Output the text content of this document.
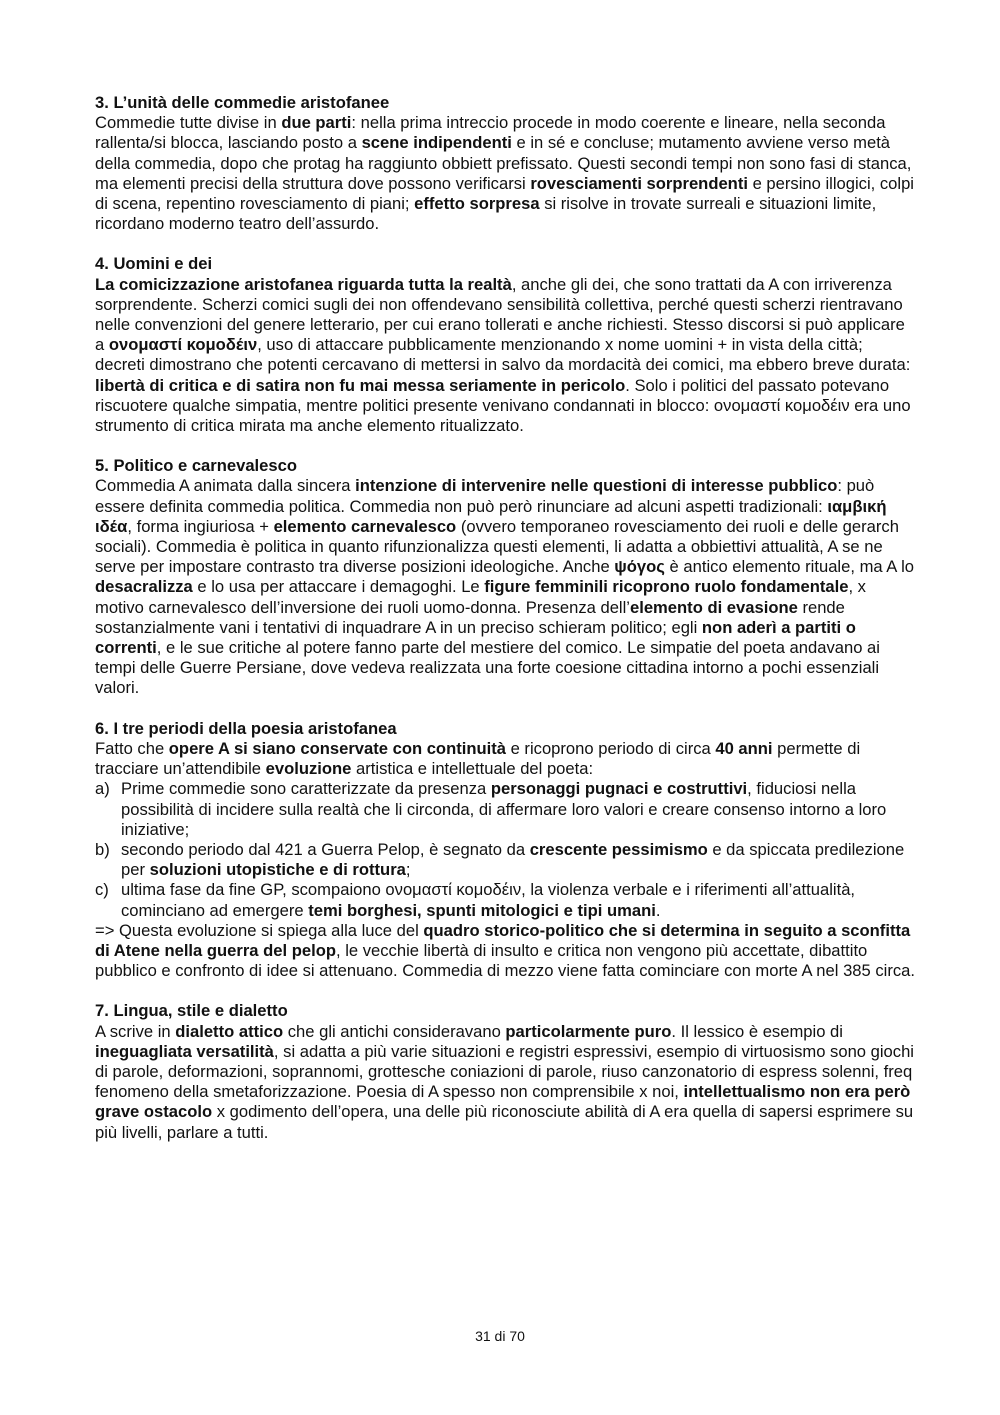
3. L’unità delle commedie aristofanee

Commedie tutte divise in due parti: nella prima intreccio procede in modo coerente e lineare, nella seconda rallenta/si blocca, lasciando posto a scene indipendenti e in sé e concluse; mutamento avviene verso metà della commedia, dopo che protag ha raggiunto obbiett prefissato. Questi secondi tempi non sono fasi di stanca, ma elementi precisi della struttura dove possono verificarsi rovesciamenti sorprendenti e persino illogici, colpi di scena, repentino rovesciamento di piani; effetto sorpresa si risolve in trovate surreali e situazioni limite, ricordano moderno teatro dell’assurdo.

4. Uomini e dei

La comicizzazione aristofanea riguarda tutta la realtà, anche gli dei, che sono trattati da A con irriverenza sorprendente. Scherzi comici sugli dei non offendevano sensibilità collettiva, perché questi scherzi rientravano nelle convenzioni del genere letterario, per cui erano tollerati e anche richiesti. Stesso discorsi si può applicare a ονομαστί κομοδέιν, uso di attaccare pubblicamente menzionando x nome uomini + in vista della città; decreti dimostrano che potenti cercavano di mettersi in salvo da mordacità dei comici, ma ebbero breve durata: libertà di critica e di satira non fu mai messa seriamente in pericolo. Solo i politici del passato potevano riscuotere qualche simpatia, mentre politici presente venivano condannati in blocco: ονομαστί κομοδέιν era uno strumento di critica mirata ma anche elemento ritualizzato.

5. Politico e carnevalesco

Commedia A animata dalla sincera intenzione di intervenire nelle questioni di interesse pubblico: può essere definita commedia politica. Commedia non può però rinunciare ad alcuni aspetti tradizionali: ιαμβική ιδέα, forma ingiuriosa + elemento carnevalesco (ovvero temporaneo rovesciamento dei ruoli e delle gerarch sociali). Commedia è politica in quanto rifunzionalizza questi elementi, li adatta a obbiettivi attualità, A se ne serve per impostare contrasto tra diverse posizioni ideologiche. Anche ψόγος è antico elemento rituale, ma A lo desacralizza e lo usa per attaccare i demagoghi. Le figure femminili ricoprono ruolo fondamentale, x motivo carnevalesco dell’inversione dei ruoli uomo-donna. Presenza dell’elemento di evasione rende sostanzialmente vani i tentativi di inquadrare A in un preciso schieram politico; egli non aderì a partiti o correnti, e le sue critiche al potere fanno parte del mestiere del comico. Le simpatie del poeta andavano ai tempi delle Guerre Persiane, dove vedeva realizzata una forte coesione cittadina intorno a pochi essenziali valori.

6. I tre periodi della poesia aristofanea

Fatto che opere A si siano conservate con continuità e ricoprono periodo di circa 40 anni permette di tracciare un’attendibile evoluzione artistica e intellettuale del poeta:

a) Prime commedie sono caratterizzate da presenza personaggi pugnaci e costruttivi, fiduciosi nella possibilità di incidere sulla realtà che li circonda, di affermare loro valori e creare consenso intorno a loro iniziative;
b) secondo periodo dal 421 a Guerra Pelop, è segnato da crescente pessimismo e da spiccata predilezione per soluzioni utopistiche e di rottura;
c) ultima fase da fine GP, scompaiono ονομαστί κομοδέιν, la violenza verbale e i riferimenti all’attualità, cominciano ad emergere temi borghesi, spunti mitologici e tipi umani.

=> Questa evoluzione si spiega alla luce del quadro storico-politico che si determina in seguito a sconfitta di Atene nella guerra del pelop, le vecchie libertà di insulto e critica non vengono più accettate, dibattito pubblico e confronto di idee si attenuano. Commedia di mezzo viene fatta cominciare con morte A nel 385 circa.

7. Lingua, stile e dialetto

A scrive in dialetto attico che gli antichi consideravano particolarmente puro. Il lessico è esempio di ineguagliata versatilità, si adatta a più varie situazioni e registri espressivi, esempio di virtuosismo sono giochi di parole, deformazioni, soprannomi, grottesche coniazioni di parole, riuso canzonatorio di espress solenni, freq fenomeno della smetaforizzazione. Poesia di A spesso non comprensibile x noi, intellettualismo non era però grave ostacolo x godimento dell’opera, una delle più riconosciute abilità di A era quella di sapersi esprimere su più livelli, parlare a tutti.

31 di 70
